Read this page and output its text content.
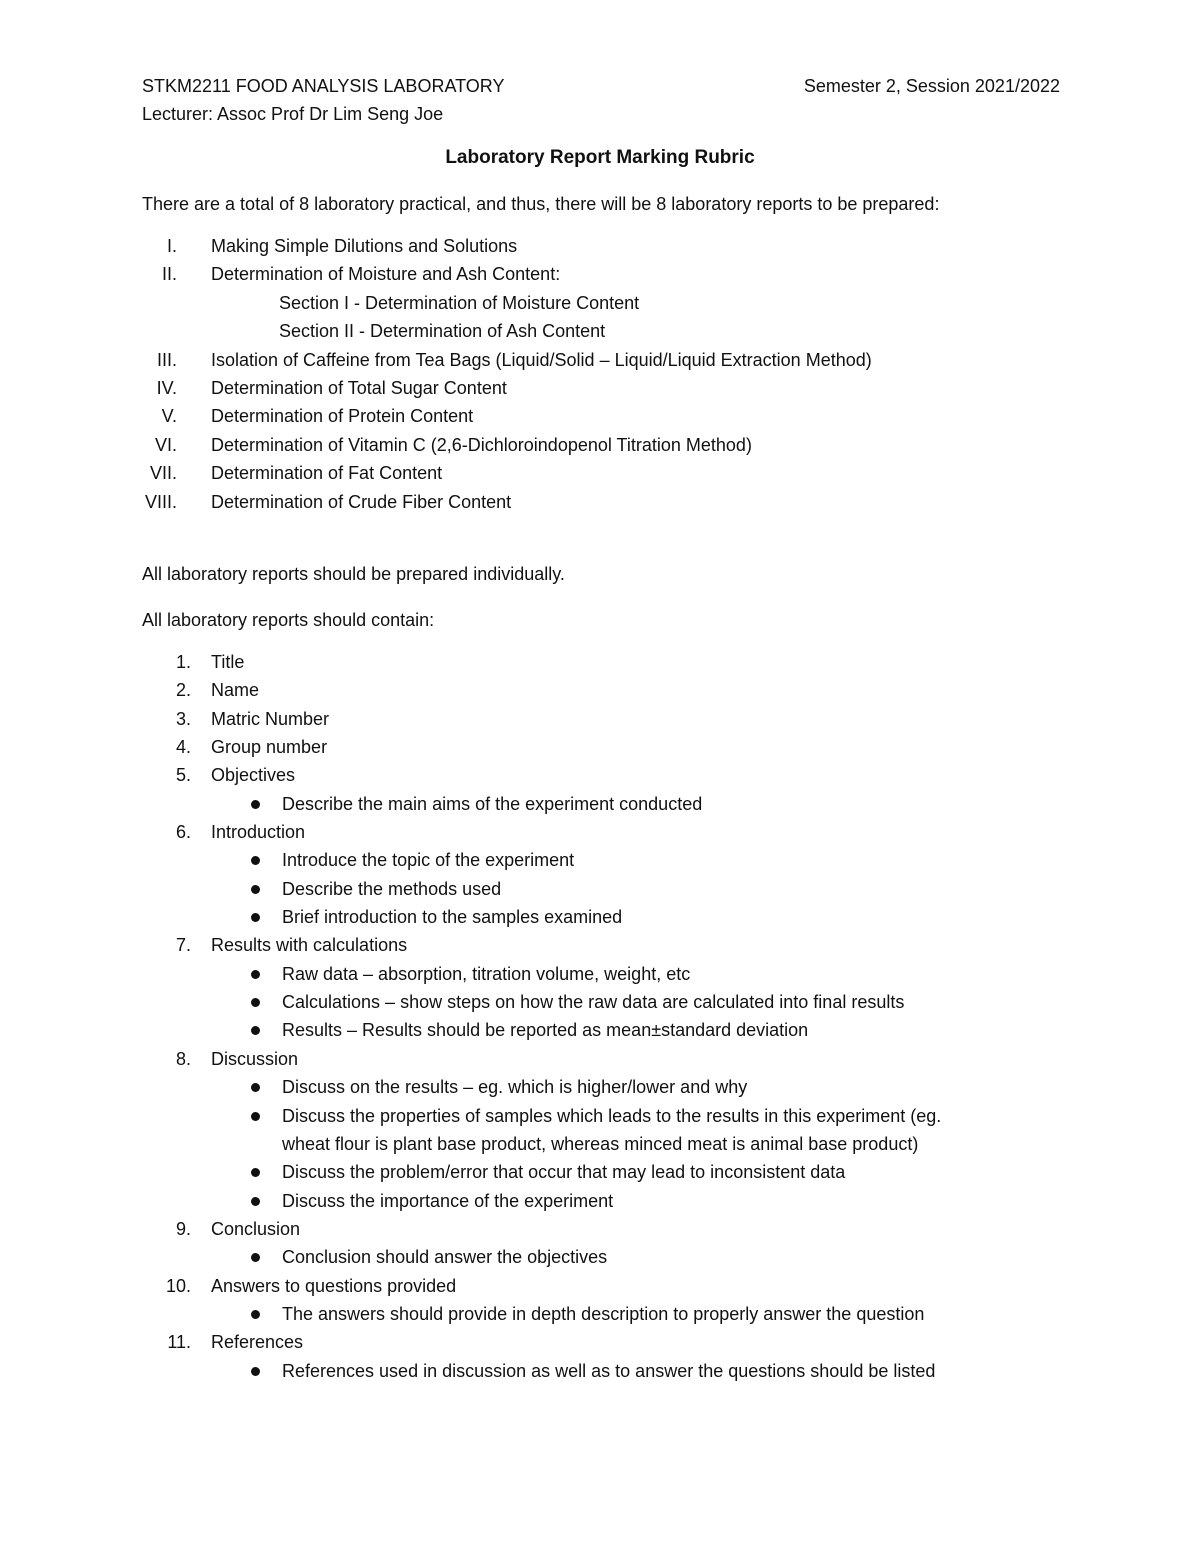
STKM2211 FOOD ANALYSIS LABORATORY	Semester 2, Session 2021/2022
Lecturer: Assoc Prof Dr Lim Seng Joe
Laboratory Report Marking Rubric
There are a total of 8 laboratory practical, and thus, there will be 8 laboratory reports to be prepared:
I. Making Simple Dilutions and Solutions
II. Determination of Moisture and Ash Content:
Section I - Determination of Moisture Content
Section II - Determination of Ash Content
III. Isolation of Caffeine from Tea Bags (Liquid/Solid – Liquid/Liquid Extraction Method)
IV. Determination of Total Sugar Content
V. Determination of Protein Content
VI. Determination of Vitamin C (2,6-Dichloroindopenol Titration Method)
VII. Determination of Fat Content
VIII. Determination of Crude Fiber Content
All laboratory reports should be prepared individually.
All laboratory reports should contain:
1. Title
2. Name
3. Matric Number
4. Group number
5. Objectives
Describe the main aims of the experiment conducted
6. Introduction
Introduce the topic of the experiment
Describe the methods used
Brief introduction to the samples examined
7. Results with calculations
Raw data – absorption, titration volume, weight, etc
Calculations – show steps on how the raw data are calculated into final results
Results – Results should be reported as mean±standard deviation
8. Discussion
Discuss on the results – eg. which is higher/lower and why
Discuss the properties of samples which leads to the results in this experiment (eg.
wheat flour is plant base product, whereas minced meat is animal base product)
Discuss the problem/error that occur that may lead to inconsistent data
Discuss the importance of the experiment
9. Conclusion
Conclusion should answer the objectives
10. Answers to questions provided
The answers should provide in depth description to properly answer the question
11. References
References used in discussion as well as to answer the questions should be listed
